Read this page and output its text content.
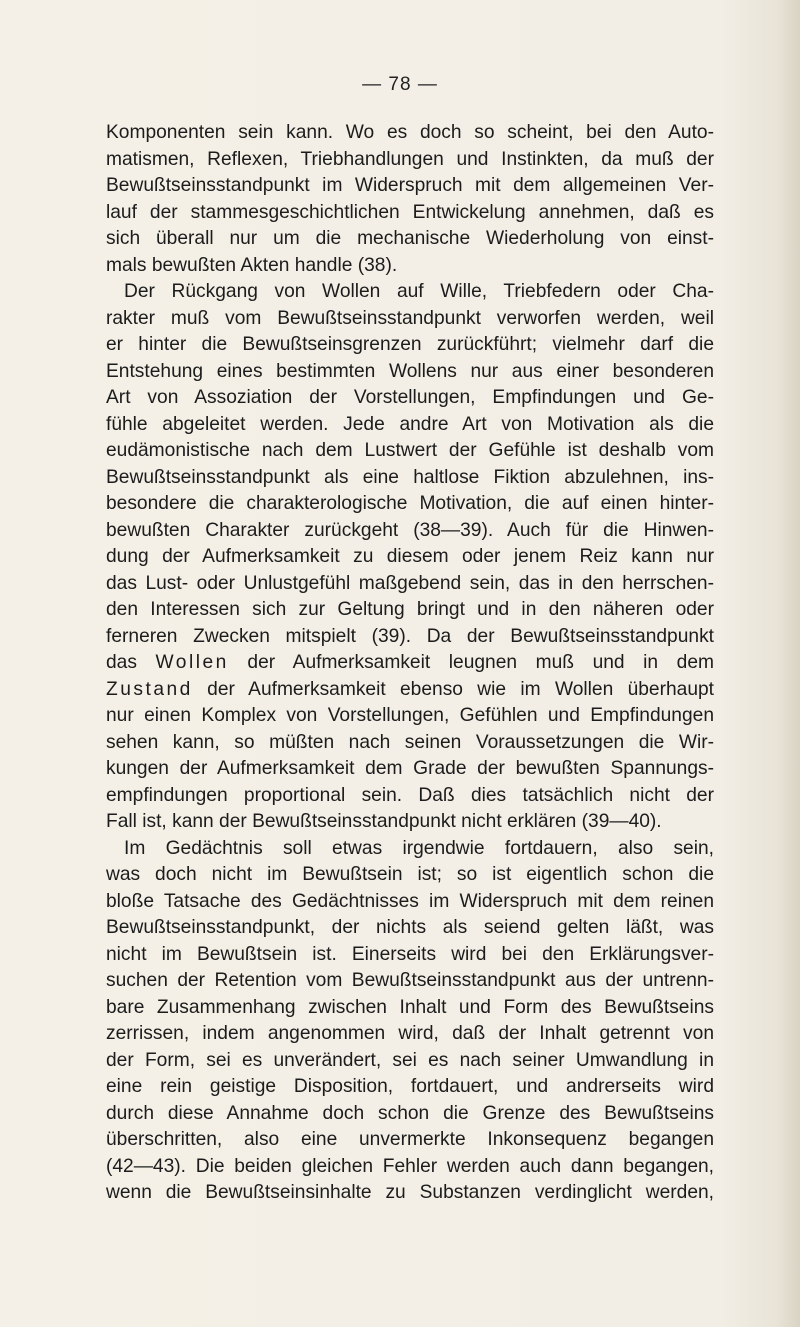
— 78 —
Komponenten sein kann. Wo es doch so scheint, bei den Auto-
matismen, Reflexen, Triebhandlungen und Instinkten, da muß der
Bewußtseinsstandpunkt im Widerspruch mit dem allgemeinen Ver-
lauf der stammesgeschichtlichen Entwickelung annehmen, daß es
sich überall nur um die mechanische Wiederholung von einst-
mals bewußten Akten handle (38).
Der Rückgang von Wollen auf Wille, Triebfedern oder Cha-
rakter muß vom Bewußtseinsstandpunkt verworfen werden, weil
er hinter die Bewußtseinsgrenzen zurückführt; vielmehr darf die
Entstehung eines bestimmten Wollens nur aus einer besonderen
Art von Assoziation der Vorstellungen, Empfindungen und Ge-
fühle abgeleitet werden. Jede andre Art von Motivation als die
eudämonistische nach dem Lustwert der Gefühle ist deshalb vom
Bewußtseinsstandpunkt als eine haltlose Fiktion abzulehnen, ins-
besondere die charakterologische Motivation, die auf einen hinter-
bewußten Charakter zurückgeht (38—39). Auch für die Hinwen-
dung der Aufmerksamkeit zu diesem oder jenem Reiz kann nur
das Lust- oder Unlustgefühl maßgebend sein, das in den herrschen-
den Interessen sich zur Geltung bringt und in den näheren oder
ferneren Zwecken mitspielt (39). Da der Bewußtseinsstandpunkt
das Wollen der Aufmerksamkeit leugnen muß und in dem
Zustand der Aufmerksamkeit ebenso wie im Wollen überhaupt
nur einen Komplex von Vorstellungen, Gefühlen und Empfindungen
sehen kann, so müßten nach seinen Voraussetzungen die Wir-
kungen der Aufmerksamkeit dem Grade der bewußten Spannungs-
empfindungen proportional sein. Daß dies tatsächlich nicht der
Fall ist, kann der Bewußtseinsstandpunkt nicht erklären (39—40).
Im Gedächtnis soll etwas irgendwie fortdauern, also sein,
was doch nicht im Bewußtsein ist; so ist eigentlich schon die
bloße Tatsache des Gedächtnisses im Widerspruch mit dem reinen
Bewußtseinsstandpunkt, der nichts als seiend gelten läßt, was
nicht im Bewußtsein ist. Einerseits wird bei den Erklärungsver-
suchen der Retention vom Bewußtseinsstandpunkt aus der untrenn-
bare Zusammenhang zwischen Inhalt und Form des Bewußtseins
zerrissen, indem angenommen wird, daß der Inhalt getrennt von
der Form, sei es unverändert, sei es nach seiner Umwandlung in
eine rein geistige Disposition, fortdauert, und andrerseits wird
durch diese Annahme doch schon die Grenze des Bewußtseins
überschritten, also eine unvermerkte Inkonsequenz begangen
(42—43). Die beiden gleichen Fehler werden auch dann begangen,
wenn die Bewußtseinsinhalte zu Substanzen verdinglicht werden,
